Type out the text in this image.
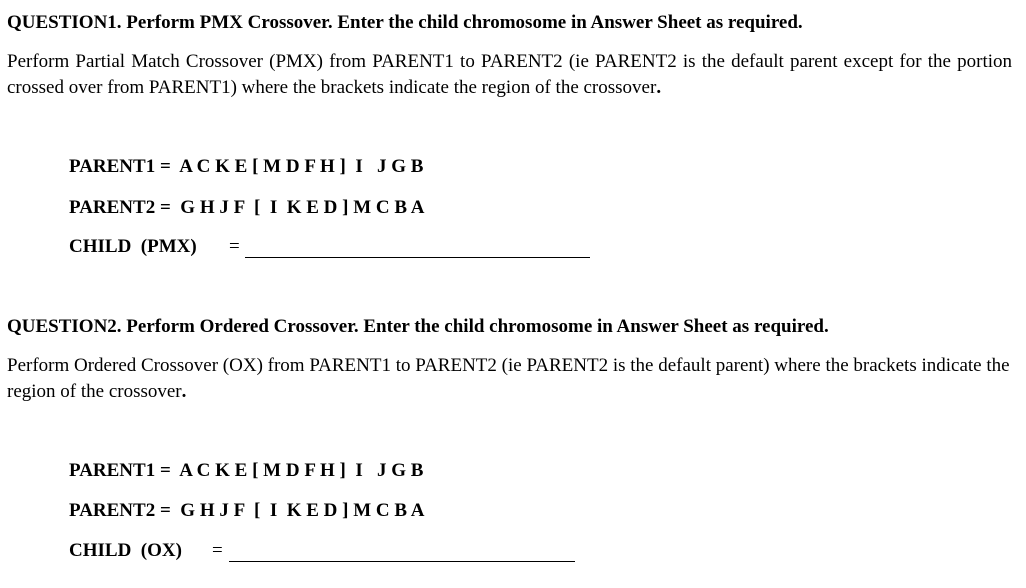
QUESTION1. Perform PMX Crossover. Enter the child chromosome in Answer Sheet as required.
Perform Partial Match Crossover (PMX) from PARENT1 to PARENT2 (ie PARENT2 is the default parent except for the portion crossed over from PARENT1) where the brackets indicate the region of the crossover.
PARENT1 = A C K E [ M D F H ]  I   J G B
PARENT2 = G H J F  [  I  K E D ] M C B A
CHILD  (PMX) =
QUESTION2. Perform Ordered Crossover. Enter the child chromosome in Answer Sheet as required.
Perform Ordered Crossover (OX) from PARENT1 to PARENT2 (ie PARENT2 is the default parent) where the brackets indicate the region of the crossover.
PARENT1 = A C K E [ M D F H ]  I   J G B
PARENT2 = G H J F  [  I  K E D ] M C B A
CHILD  (OX) =
